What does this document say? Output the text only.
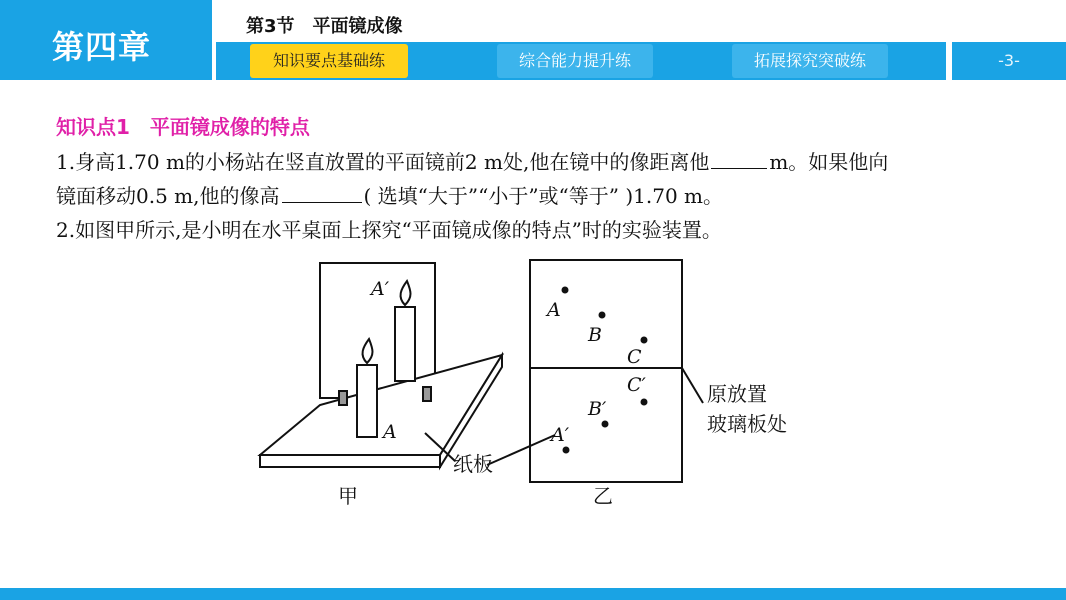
第四章
第3节　平面镜成像
知识要点基础练	综合能力提升练	拓展探究突破练	-3-
知识点1　平面镜成像的特点
1.身高1.70 m的小杨站在竖直放置的平面镜前2 m处,他在镜中的像距离他	m。如果他向
镜面移动0.5 m,他的像高	( 选填“大于”“小于”或“等于” )1.70 m。
2.如图甲所示,是小明在水平桌面上探究“平面镜成像的特点”时的实验装置。
A′
A
A
B
C
C′
B′
A′
纸板
甲
原放置
玻璃板处
乙
